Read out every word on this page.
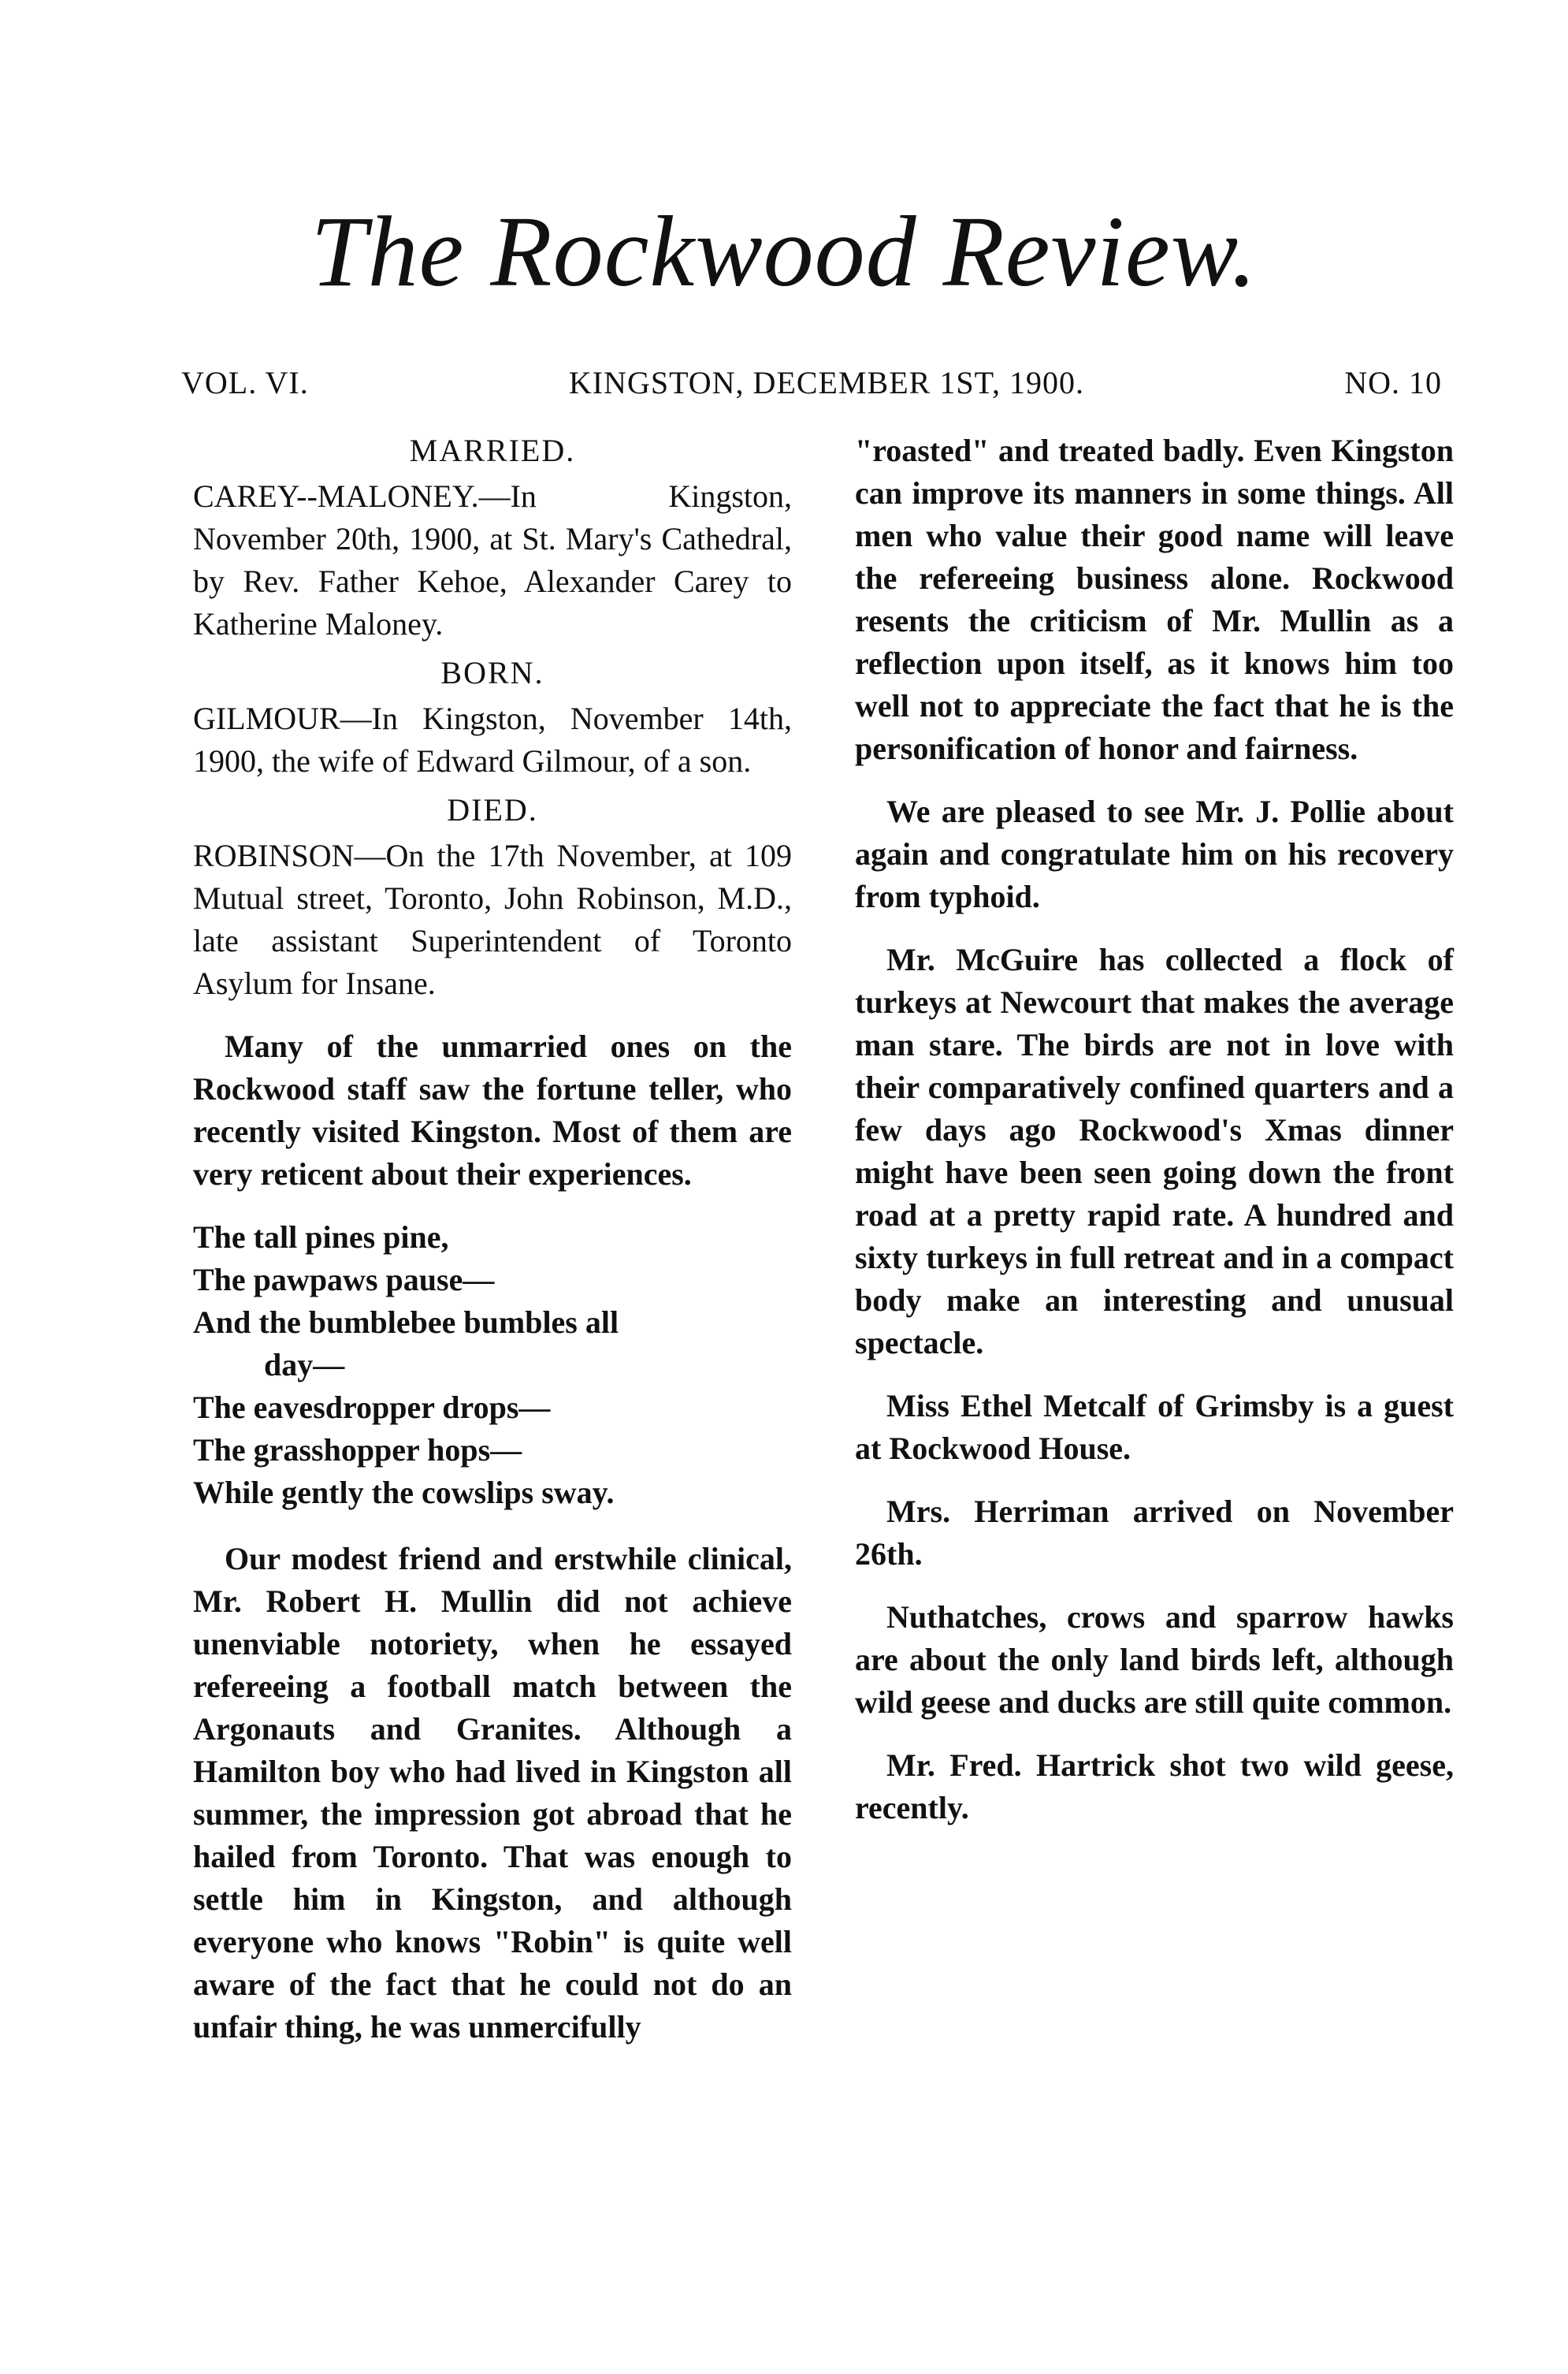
The Rockwood Review.
VOL. VI.	KINGSTON, DECEMBER 1ST, 1900.	NO. 10
MARRIED.
CAREY--MALONEY.—In Kingston, November 20th, 1900, at St. Mary's Cathedral, by Rev. Father Kehoe, Alexander Carey to Katherine Maloney.
BORN.
GILMOUR—In Kingston, November 14th, 1900, the wife of Edward Gilmour, of a son.
DIED.
ROBINSON—On the 17th November, at 109 Mutual street, Toronto, John Robinson, M.D., late assistant Superintendent of Toronto Asylum for Insane.

Many of the unmarried ones on the Rockwood staff saw the fortune teller, who recently visited Kingston. Most of them are very reticent about their experiences.

The tall pines pine,
The pawpaws pause—
And the bumblebee bumbles all
day—
The eavesdropper drops—
The grasshopper hops—
While gently the cowslips sway.

Our modest friend and erstwhile clinical, Mr. Robert H. Mullin did not achieve unenviable notoriety, when he essayed refereeing a football match between the Argonauts and Granites. Although a Hamilton boy who had lived in Kingston all summer, the impression got abroad that he hailed from Toronto. That was enough to settle him in Kingston, and although everyone who knows "Robin" is quite well aware of the fact that he could not do an unfair thing, he was unmercifully

"roasted" and treated badly. Even Kingston can improve its manners in some things. All men who value their good name will leave the refereeing business alone. Rockwood resents the criticism of Mr. Mullin as a reflection upon itself, as it knows him too well not to appreciate the fact that he is the personification of honor and fairness.

We are pleased to see Mr. J. Pollie about again and congratulate him on his recovery from typhoid.

Mr. McGuire has collected a flock of turkeys at Newcourt that makes the average man stare. The birds are not in love with their comparatively confined quarters and a few days ago Rockwood's Xmas dinner might have been seen going down the front road at a pretty rapid rate. A hundred and sixty turkeys in full retreat and in a compact body make an interesting and unusual spectacle.

Miss Ethel Metcalf of Grimsby is a guest at Rockwood House.

Mrs. Herriman arrived on November 26th.

Nuthatches, crows and sparrow hawks are about the only land birds left, although wild geese and ducks are still quite common.

Mr. Fred. Hartrick shot two wild geese, recently.
